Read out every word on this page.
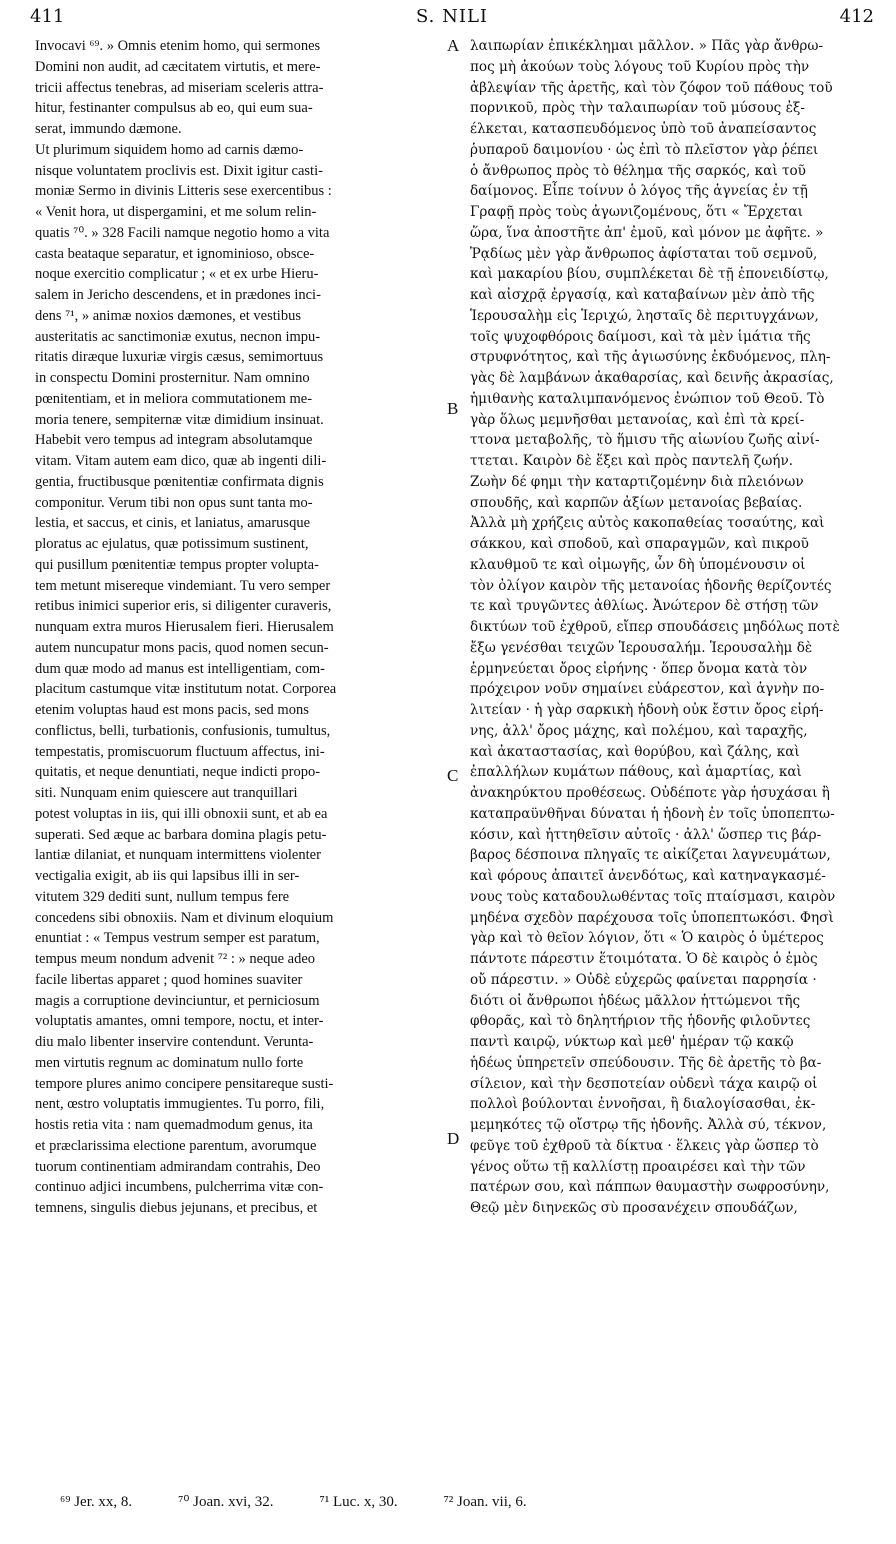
411	S. NILI	412
Invocavi ⁶⁹. » Omnis etenim homo, qui sermones
Domini non audit, ad cæcitatem virtutis, et mere-
tricii affectus tenebras, ad miseriam sceleris attra-
hitur, festinanter compulsus ab eo, qui eum sua-
serat, immundo dæmone.
Ut plurimum siquidem homo ad carnis dæmo-
nisque voluntatem proclivis est. Dixit igitur casti-
moniæ Sermo in divinis Litteris sese exercentibus :
« Venit hora, ut dispergamini, et me solum relin-
quatis ⁷⁰. » 328 Facili namque negotio homo a vita
casta beataque separatur, et ignominioso, obsce-
noque exercitio complicatur ; « et ex urbe Hieru-
salem in Jericho descendens, et in prædones inci-
dens ⁷¹, » animæ noxios dæmones, et vestibus
austeritatis ac sanctimoniæ exutus, necnon impu-
ritatis diræque luxuriæ virgis cæsus, semimortuus
in conspectu Domini prosternitur. Nam omnino
pœnitentiam, et in meliora commutationem me-
moria tenere, sempiternæ vitæ dimidium insinuat.
Habebit vero tempus ad integram absolutamque
vitam. Vitam autem eam dico, quæ ab ingenti dili-
gentia, fructibusque pœnitentiæ confirmata dignis
componitur. Verum tibi non opus sunt tanta mo-
lestia, et saccus, et cinis, et laniatus, amarusque
ploratus ac ejulatus, quæ potissimum sustinent,
qui pusillum pœnitentiæ tempus propter volupta-
tem metunt misereque vindemiant. Tu vero semper
retibus inimici superior eris, si diligenter curaveris,
nunquam extra muros Hierusalem fieri. Hierusalem
autem nuncupatur mons pacis, quod nomen secun-
dum quæ modo ad manus est intelligentiam, com-
placitum castumque vitæ institutum notat. Corporea
etenim voluptas haud est mons pacis, sed mons
conflictus, belli, turbationis, confusionis, tumultus,
tempestatis, promiscuorum fluctuum affectus, ini-
quitatis, et neque denuntiati, neque indicti propo-
siti. Nunquam enim quiescere aut tranquillari
potest voluptas in iis, qui illi obnoxii sunt, et ab ea
superati. Sed æque ac barbara domina plagis petu-
lantiæ dilaniat, et nunquam intermittens violenter
vectigalia exigit, ab iis qui lapsibus illi in ser-
vitutem 329 dediti sunt, nullum tempus fere
concedens sibi obnoxiis. Nam et divinum eloquium
enuntiat : « Tempus vestrum semper est paratum,
tempus meum nondum advenit ⁷² : » neque adeo
facile libertas apparet ; quod homines suaviter
magis a corruptione devinciuntur, et perniciosum
voluptatis amantes, omni tempore, noctu, et inter-
diu malo libenter inservire contendunt. Veruntа-
men virtutis regnum ac dominatum nullo forte
tempore plures animo concipere pensitareque susti-
nent, œstro voluptatis immugientes. Tu porro, fili,
hostis retia vita : nam quemadmodum genus, ita
et præclarissima electione parentum, avorumque
tuorum continentiam admirandam contrahis, Deo
continuo adjici incumbens, pulcherrima vitæ con-
temnens, singulis diebus jejunans, et precibus, et
A
B
C
D
λαιπωρίαν ἐπικέκλημαι μᾶλλον. » Πᾶς γὰρ ἄνθρω-
πος μὴ ἀκούων τοὺς λόγους τοῦ Κυρίου πρὸς τὴν
ἀβλεψίαν τῆς ἀρετῆς, καὶ τὸν ζόφον τοῦ πάθους τοῦ
πορνικοῦ, πρὸς τὴν ταλαιπωρίαν τοῦ μύσους ἐξ-
έλκεται, κατασπευδόμενος ὑπὸ τοῦ ἀναπείσαντος
ῥυπαροῦ δαιμονίου · ὡς ἐπὶ τὸ πλεῖστον γὰρ ῥέπει
ὁ ἄνθρωπος πρὸς τὸ θέλημα τῆς σαρκός, καὶ τοῦ
δαίμονος. Εἶπε τοίνυν ὁ λόγος τῆς ἁγνείας ἐν τῇ
Γραφῇ πρὸς τοὺς ἀγωνιζομένους, ὅτι « Ἔρχεται
ὥρα, ἵνα ἀποστῆτε ἀπ' ἐμοῦ, καὶ μόνον με ἀφῆτε. »
Ῥᾳδίως μὲν γὰρ ἄνθρωπος ἀφίσταται τοῦ σεμνοῦ,
καὶ μακαρίου βίου, συμπλέκεται δὲ τῇ ἐπονειδίστῳ,
καὶ αἰσχρᾷ ἐργασίᾳ, καὶ καταβαίνων μὲν ἀπὸ τῆς
Ἱερουσαλὴμ εἰς Ἱεριχώ, λησταῖς δὲ περιτυγχάνων,
τοῖς ψυχοφθόροις δαίμοσι, καὶ τὰ μὲν ἱμάτια τῆς
στρυφνότητος, καὶ τῆς ἁγιωσύνης ἐκδυόμενος, πλη-
γὰς δὲ λαμβάνων ἀκαθαρσίας, καὶ δεινῆς ἀκρασίας,
ἡμιθανὴς καταλιμπανόμενος ἐνώπιον τοῦ Θεοῦ. Τὸ
γὰρ ὅλως μεμνῆσθαι μετανοίας, καὶ ἐπὶ τὰ κρεί-
ττονα μεταβολῆς, τὸ ἥμισυ τῆς αἰωνίου ζωῆς αἰνί-
ττεται. Καιρὸν δὲ ἕξει καὶ πρὸς παντελῆ ζωήν.
Ζωὴν δέ φημι τὴν καταρτιζομένην διὰ πλειόνων
σπουδῆς, καὶ καρπῶν ἀξίων μετανοίας βεβαίας.
Ἀλλὰ μὴ χρήζεις αὐτὸς κακοπαθείας τοσαύτης, καὶ
σάκκου, καὶ σποδοῦ, καὶ σπαραγμῶν, καὶ πικροῦ
κλαυθμοῦ τε καὶ οἰμωγῆς, ὧν δὴ ὑπομένουσιν οἱ
τὸν ὀλίγον καιρὸν τῆς μετανοίας ἡδονῆς θερίζοντές
τε καὶ τρυγῶντες ἀθλίως. Ἀνώτερον δὲ στήσῃ τῶν
δικτύων τοῦ ἐχθροῦ, εἴπερ σπουδάσεις μηδόλως ποτὲ
ἔξω γενέσθαι τειχῶν Ἱερουσαλήμ. Ἱερουσαλὴμ δὲ
ἑρμηνεύεται ὄρος εἰρήνης · ὅπερ ὄνομα κατὰ τὸν
πρόχειρον νοῦν σημαίνει εὐάρεστον, καὶ ἁγνὴν πο-
λιτείαν · ἡ γὰρ σαρκικὴ ἡδονὴ οὐκ ἔστιν ὄρος εἰρή-
νης, ἀλλ' ὄρος μάχης, καὶ πολέμου, καὶ ταραχῆς,
καὶ ἀκαταστασίας, καὶ θορύβου, καὶ ζάλης, καὶ
ἐπαλλήλων κυμάτων πάθους, καὶ ἁμαρτίας, καὶ
ἀνακηρύκτου προθέσεως. Οὐδέποτε γὰρ ἡσυχάσαι ἢ
καταπραϋνθῆναι δύναται ἡ ἡδονὴ ἐν τοῖς ὑποπεπτω-
κόσιν, καὶ ἡττηθεῖσιν αὐτοῖς · ἀλλ' ὥσπερ τις βάρ-
βαρος δέσποινα πληγαῖς τε αἰκίζεται λαγνευμάτων,
καὶ φόρους ἀπαιτεῖ ἀνενδότως, καὶ κατηναγκασμέ-
νους τοὺς καταδουλωθέντας τοῖς πταίσμασι, καιρὸν
μηδένα σχεδὸν παρέχουσα τοῖς ὑποπεπτωκόσι. Φησὶ
γὰρ καὶ τὸ θεῖον λόγιον, ὅτι « Ὁ καιρὸς ὁ ὑμέτερος
πάντοτε πάρεστιν ἕτοιμότατα. Ὁ δὲ καιρὸς ὁ ἐμὸς
οὔ πάρεστιν. » Οὐδὲ εὐχερῶς φαίνεται παρρησία ·
διότι οἱ ἄνθρωποι ἡδέως μᾶλλον ἡττώμενοι τῆς
φθορᾶς, καὶ τὸ δηλητήριον τῆς ἡδονῆς φιλοῦντες
παντὶ καιρῷ, νύκτωρ καὶ μεθ' ἡμέραν τῷ κακῷ
ἡδέως ὑπηρετεῖν σπεύδουσιν. Τῆς δὲ ἀρετῆς τὸ βα-
σίλειον, καὶ τὴν δεσποτείαν οὐδενὶ τάχα καιρῷ οἱ
πολλοὶ βούλονται ἐννοῆσαι, ἢ διαλογίσασθαι, ἐκ-
μεμηκότες τῷ οἴστρῳ τῆς ἡδονῆς. Ἀλλὰ σύ, τέκνον,
φεῦγε τοῦ ἐχθροῦ τὰ δίκτυα · ἕλκεις γὰρ ὥσπερ τὸ
γένος οὕτω τῇ καλλίστῃ προαιρέσει καὶ τὴν τῶν
πατέρων σου, καὶ πάππων θαυμαστὴν σωφροσύνην,
Θεῷ μὲν διηνεκῶς σὺ προσανέχειν σπουδάζων,
⁶⁹ Jer. xx, 8.	⁷⁰ Joan. xvi, 32.	⁷¹ Luc. x, 30.	⁷² Joan. vii, 6.
